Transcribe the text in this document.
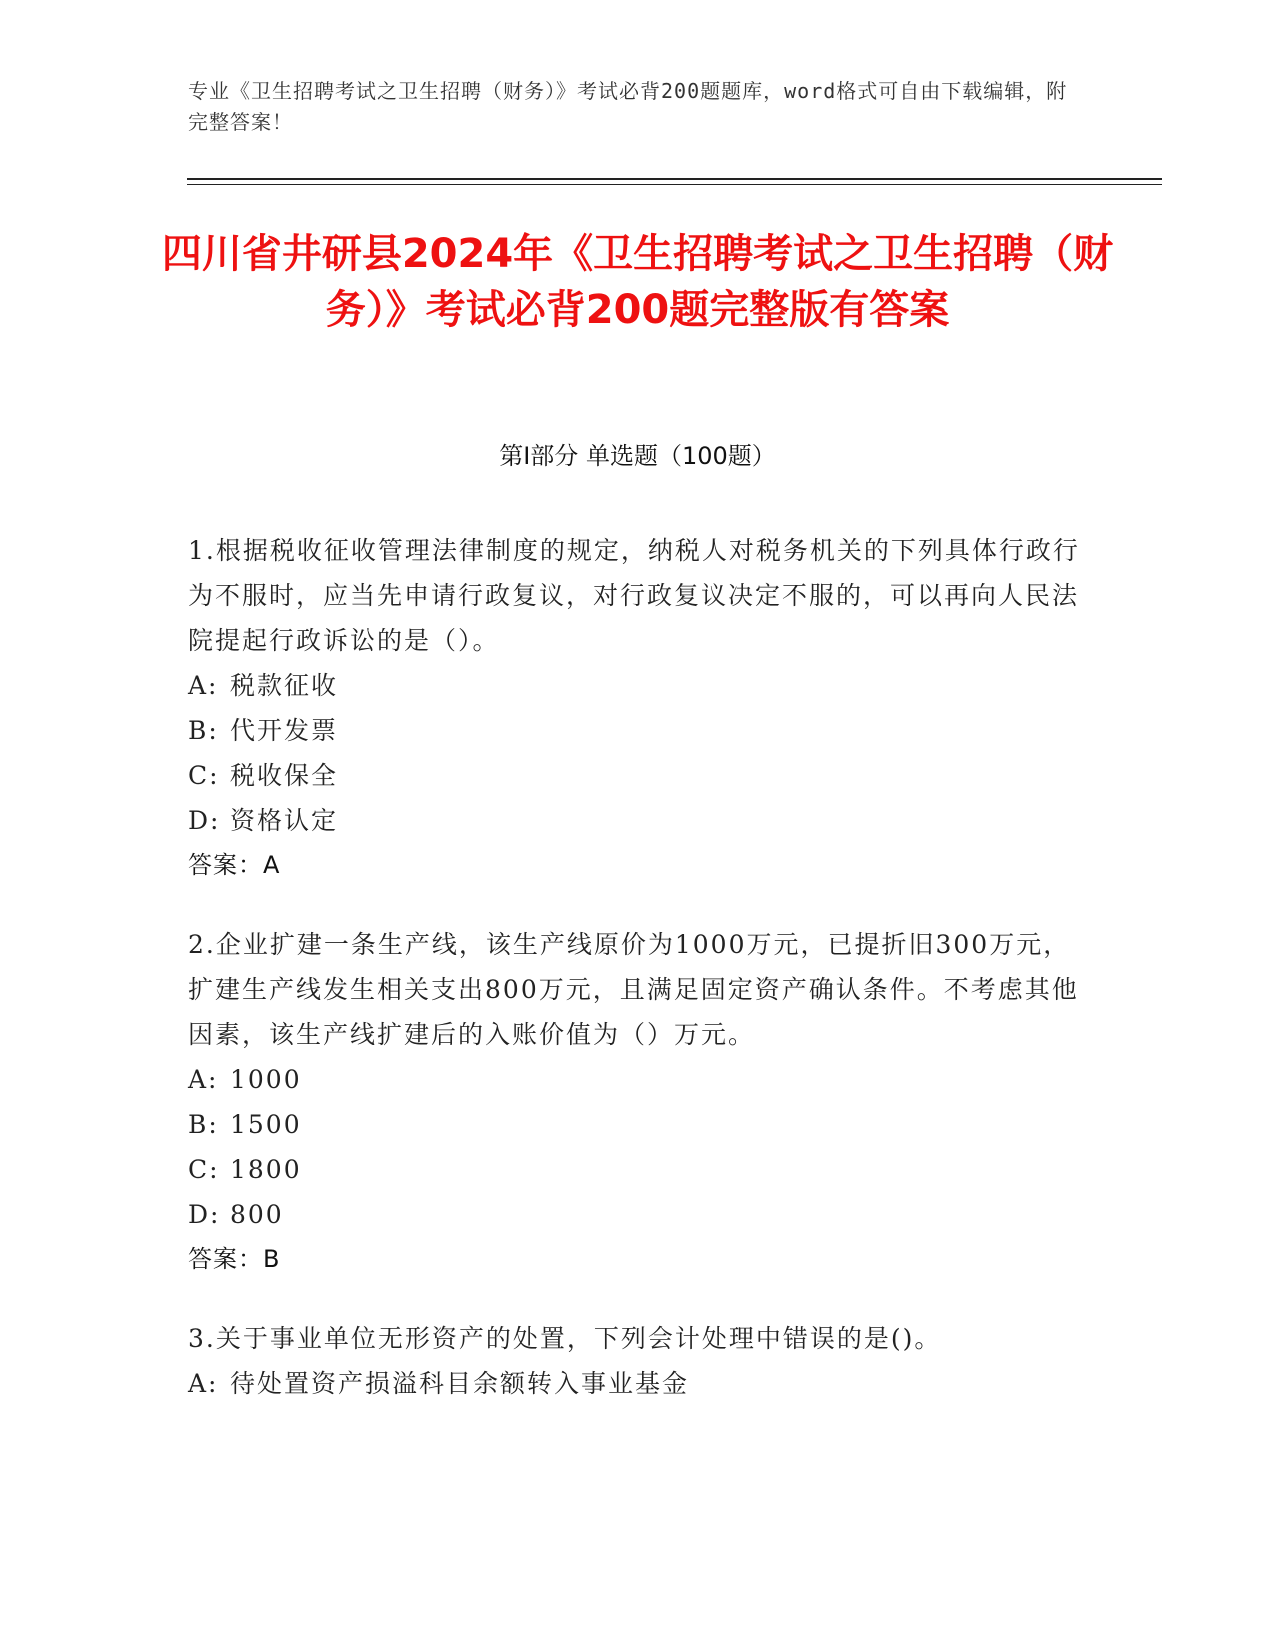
专业《卫生招聘考试之卫生招聘（财务）》考试必背200题题库，word格式可自由下载编辑，附完整答案！
四川省井研县2024年《卫生招聘考试之卫生招聘（财务）》考试必背200题完整版有答案
第Ⅰ部分 单选题（100题）
1.根据税收征收管理法律制度的规定，纳税人对税务机关的下列具体行政行为不服时，应当先申请行政复议，对行政复议决定不服的，可以再向人民法院提起行政诉讼的是（）。
A: 税款征收
B: 代开发票
C: 税收保全
D: 资格认定
答案：A
2.企业扩建一条生产线，该生产线原价为1000万元，已提折旧300万元，扩建生产线发生相关支出800万元，且满足固定资产确认条件。不考虑其他因素，该生产线扩建后的入账价值为（）万元。
A: 1000
B: 1500
C: 1800
D: 800
答案：B
3.关于事业单位无形资产的处置，下列会计处理中错误的是()。
A: 待处置资产损溢科目余额转入事业基金
